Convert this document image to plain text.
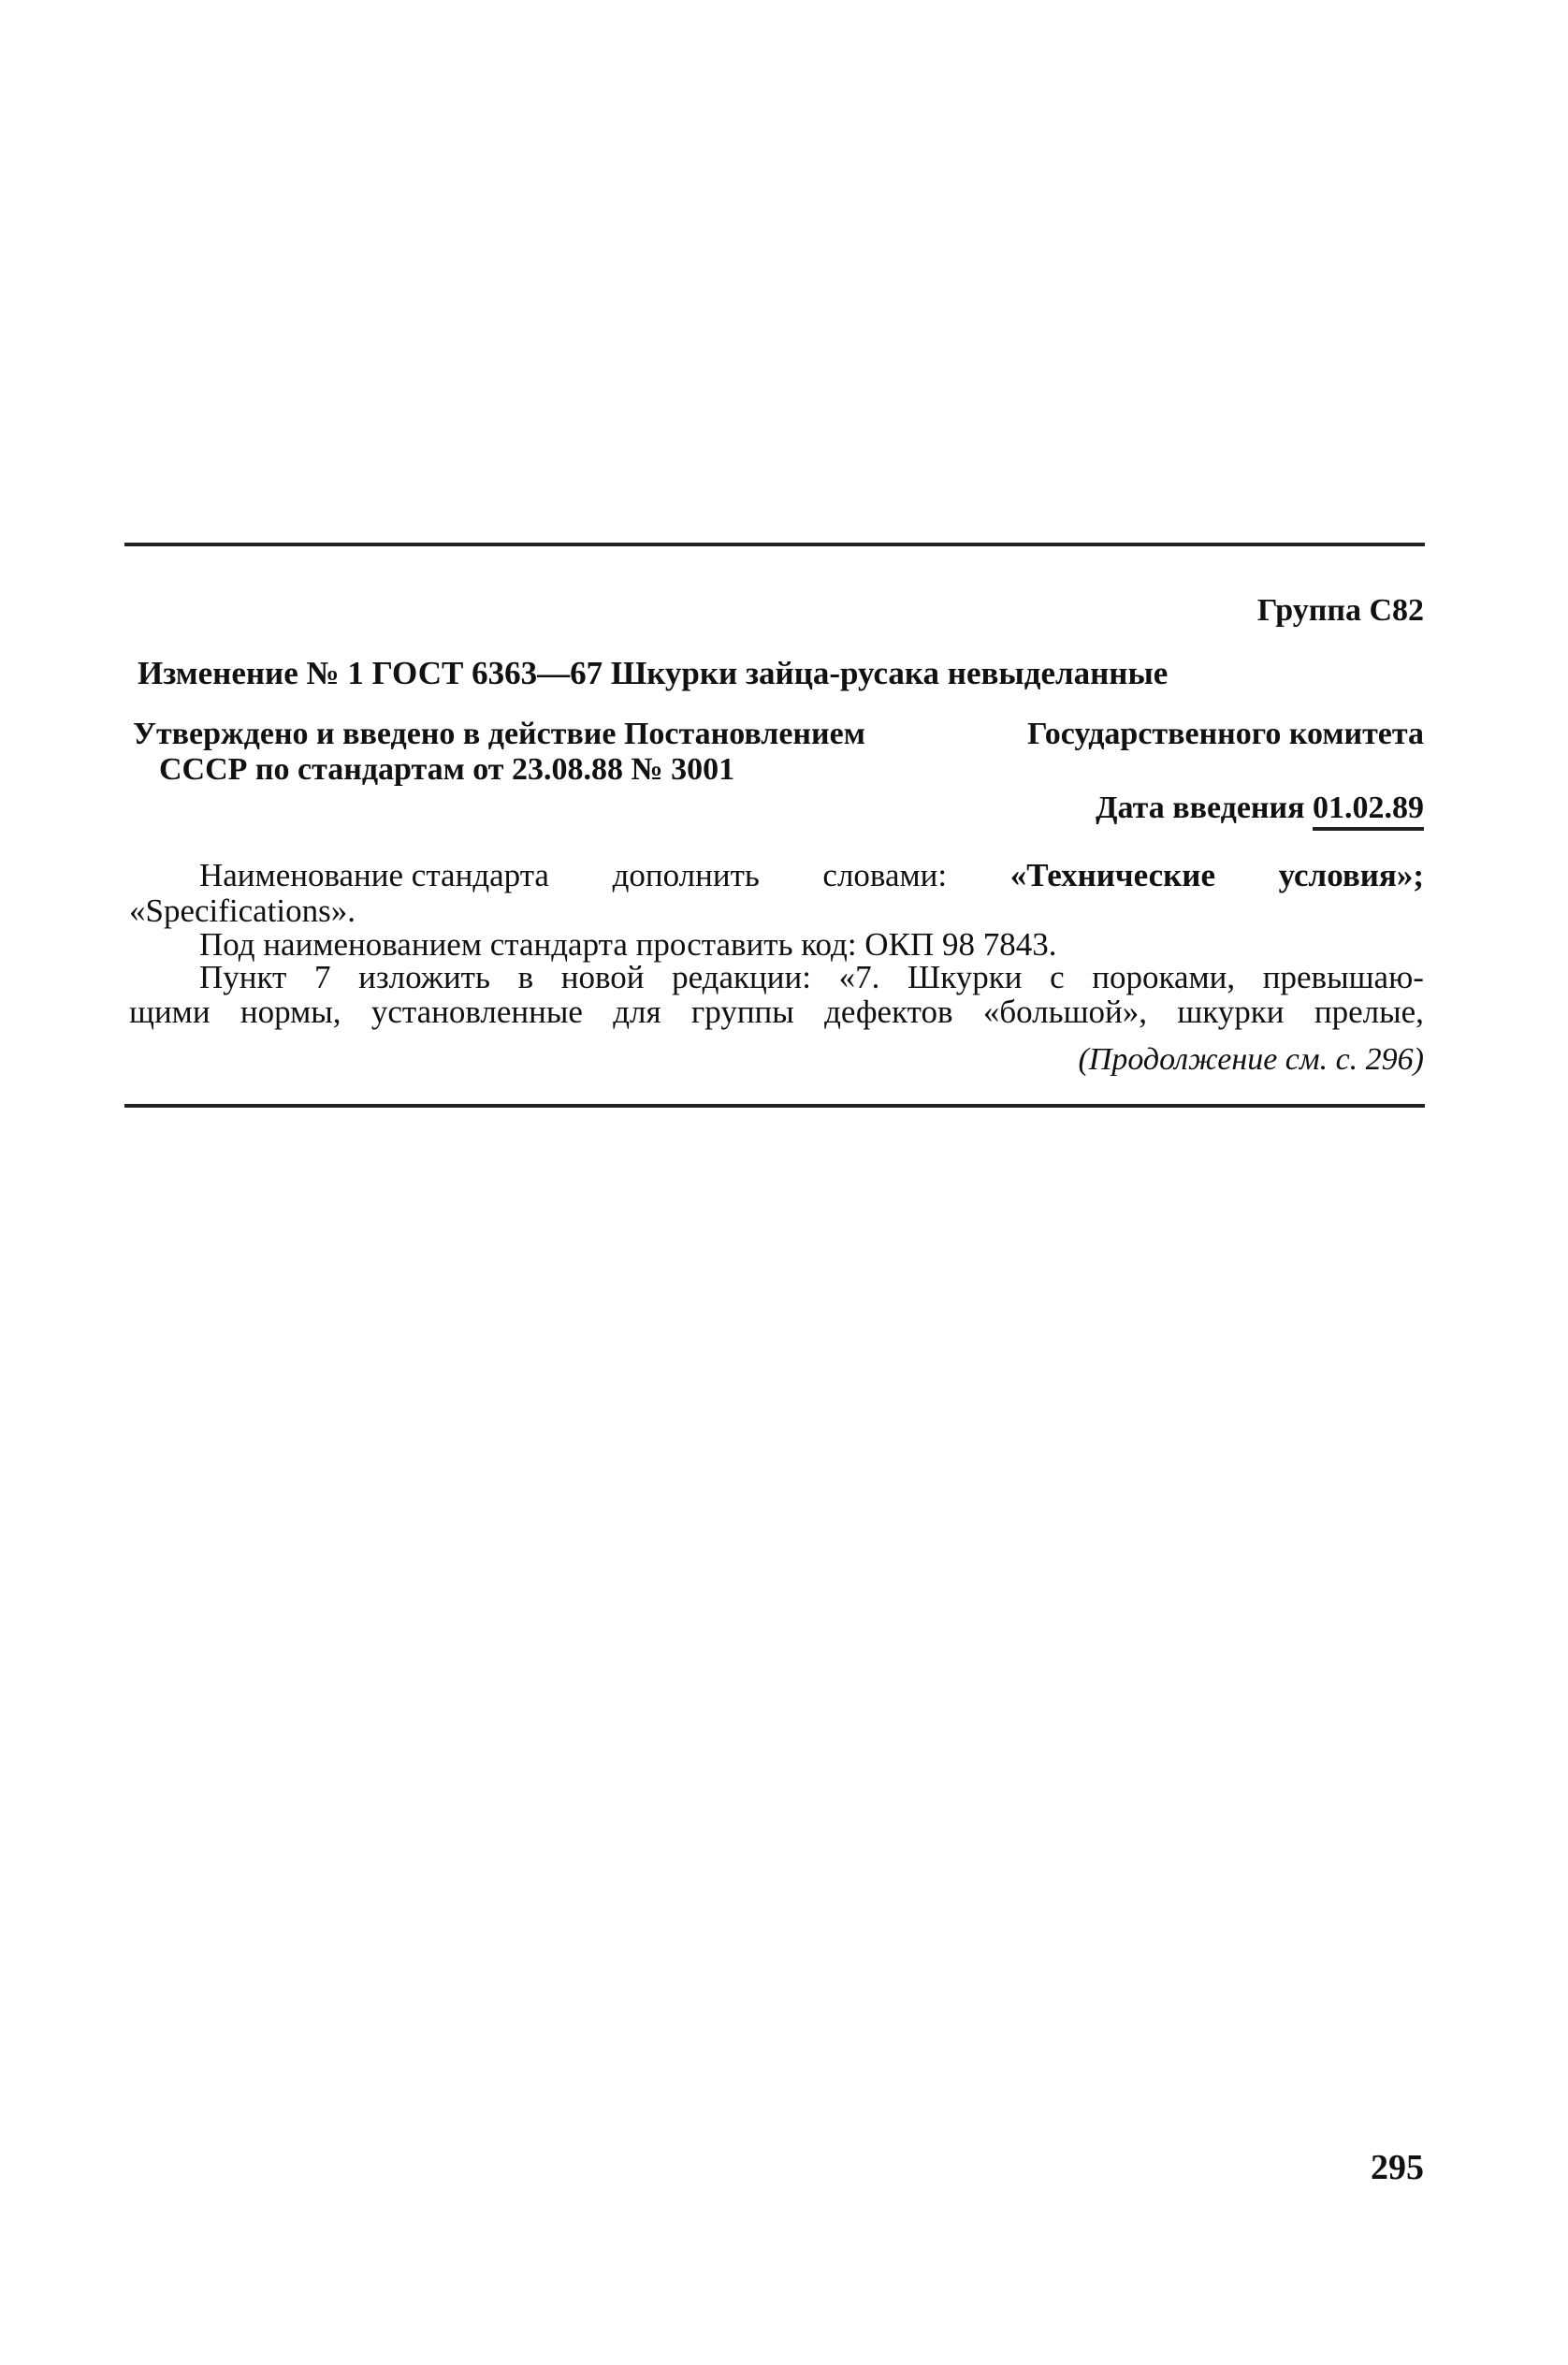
Группа С82
Изменение № 1 ГОСТ 6363—67 Шкурки зайца-русака невыделанные
Утверждено и введено в действие Постановлением	Государственного комитета
СССР по стандартам от 23.08.88 № 3001
Дата введения 01.02.89
Наименование стандарта дополнить словами: «Технические условия»;
«Specifications».
Под наименованием стандарта проставить код: ОКП 98 7843.
Пункт 7 изложить в новой редакции: «7. Шкурки с пороками, превышаю-
щими нормы, установленные для группы дефектов «большой», шкурки прелые,
(Продолжение см. с. 296)
295
